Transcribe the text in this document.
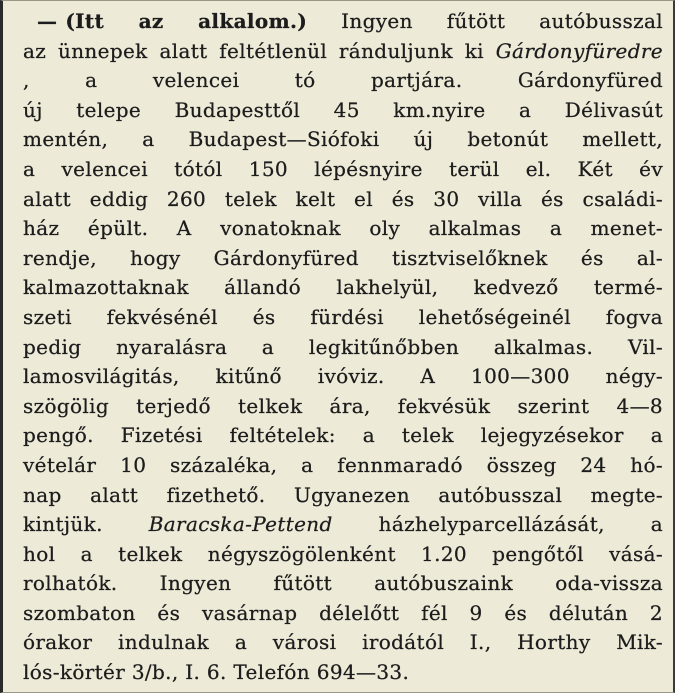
— (Itt az alkalom.) Ingyen fűtött autóbusszal
az ünnepek alatt feltétlenül ránduljunk ki Gárdonyfüredre
, a velencei tó partjára. Gárdonyfüred
új telepe Budapesttől 45 km.nyire a Délivasút
mentén, a Budapest—Siófoki új betonút mellett,
a velencei tótól 150 lépésnyire terül el. Két év
alatt eddig 260 telek kelt el és 30 villa és családi-
ház épült. A vonatoknak oly alkalmas a menet-
rendje, hogy Gárdonyfüred tisztviselőknek és al-
kalmazottaknak állandó lakhelyül, kedvező termé-
szeti fekvésénél és fürdési lehetőségeinél fogva
pedig nyaralásra a legkitűnőbben alkalmas. Vil-
lamosvilágitás, kitűnő ivóviz. A 100—300 négy-
szögölig terjedő telkek ára, fekvésük szerint 4—8
pengő. Fizetési feltételek: a telek lejegyzésekor a
vételár 10 százaléka, a fennmaradó összeg 24 hó-
nap alatt fizethető. Ugyanezen autóbusszal megte-
kintjük. Baracska-Pettend házhelyparcellázását, a
hol a telkek négyszögölenként 1.20 pengőtől vásá-
rolhatók. Ingyen fűtött autóbuszaink oda-vissza
szombaton és vasárnap délelőtt fél 9 és délután 2
órakor indulnak a városi irodától I., Horthy Mik-
lós-körtér 3/b., I. 6. Telefón 694—33.
